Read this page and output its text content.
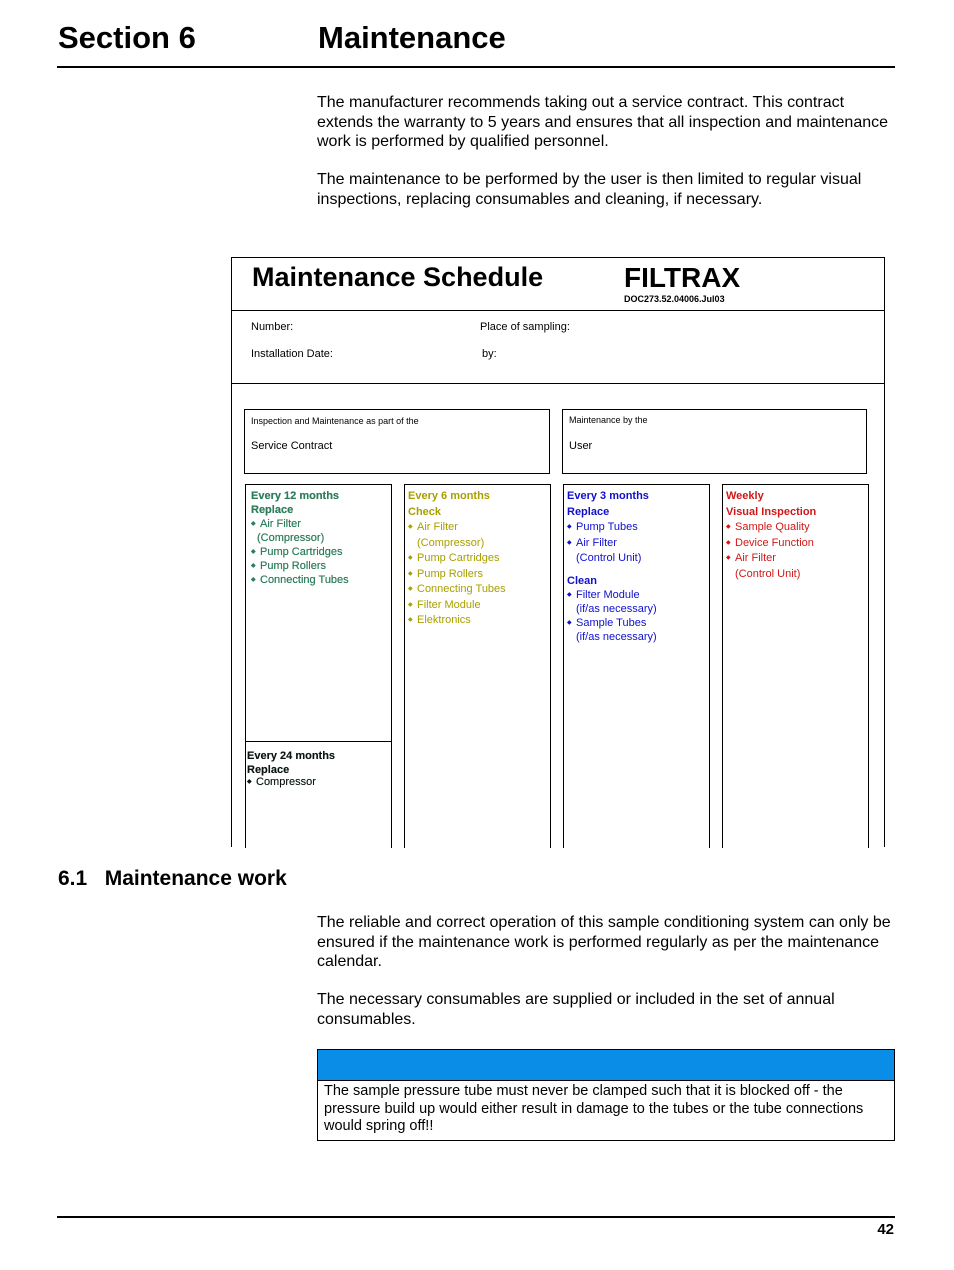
Section 6	Maintenance
The manufacturer recommends taking out a service contract. This contract extends the warranty to 5 years and ensures that all inspection and maintenance work is performed by qualified personnel.
The maintenance to be performed by the user is then limited to regular visual inspections, replacing consumables and cleaning, if necessary.
Maintenance Schedule	FILTRAX
DOC273.52.04006.Jul03
Number:	Place of sampling:
Installation Date:	by:
Inspection and Maintenance as part of the
Service Contract
Maintenance by the
User
Every 12 months
Replace
◆ Air Filter
(Compressor)
◆ Pump Cartridges
◆ Pump Rollers
◆ Connecting Tubes
Every 24 months
Replace
◆ Compressor
Every 6 months
Check
◆ Air Filter
(Compressor)
◆ Pump Cartridges
◆ Pump Rollers
◆ Connecting Tubes
◆ Filter Module
◆ Elektronics
Every 3 months
Replace
◆ Pump Tubes
◆ Air Filter
(Control Unit)
Clean
◆ Filter Module
(if/as necessary)
◆ Sample Tubes
(if/as necessary)
Weekly
Visual Inspection
◆ Sample Quality
◆ Device Function
◆ Air Filter
(Control Unit)
6.1   Maintenance work
The reliable and correct operation of this sample conditioning system can only be ensured if the maintenance work is performed regularly as per the maintenance calendar.
The necessary consumables are supplied or included in the set of annual consumables.
The sample pressure tube must never be clamped such that it is blocked off - the pressure build up would either result in damage to the tubes or the tube connections would spring off!!
42
